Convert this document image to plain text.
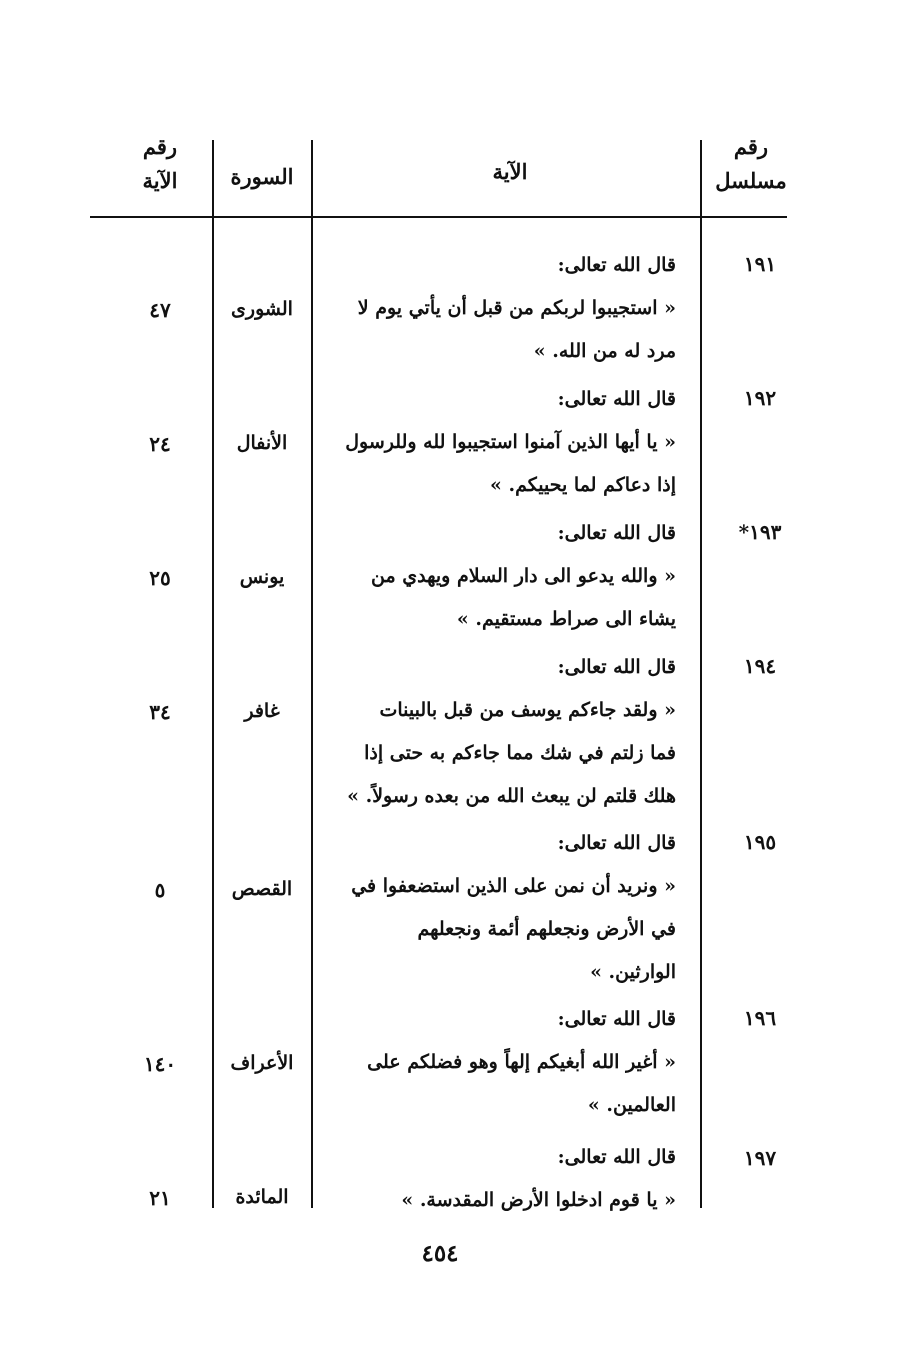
رقم
مسلسل
الآية
السورة
رقم
الآية
١٩١
قال الله تعالى:
« استجيبوا لربكم من قبل أن يأتي يوم لا
مرد له من الله. »
الشورى
٤٧
١٩٢
قال الله تعالى:
« يا أيها الذين آمنوا استجيبوا لله وللرسول
إذا دعاكم لما يحييكم. »
الأنفال
٢٤
١٩٣*
قال الله تعالى:
« والله يدعو الى دار السلام ويهدي من
يشاء الى صراط مستقيم. »
يونس
٢٥
١٩٤
قال الله تعالى:
« ولقد جاءكم يوسف من قبل بالبينات
فما زلتم في شك مما جاءكم به حتى إذا
هلك قلتم لن يبعث الله من بعده رسولاً. »
غافر
٣٤
١٩٥
قال الله تعالى:
« ونريد أن نمن على الذين استضعفوا في
في الأرض ونجعلهم أئمة ونجعلهم
الوارثين. »
القصص
٥
١٩٦
قال الله تعالى:
« أغير الله أبغيكم إلهاً وهو فضلكم على
العالمين. »
الأعراف
١٤٠
١٩٧
قال الله تعالى:
« يا قوم ادخلوا الأرض المقدسة. »
المائدة
٢١
٤٥٤
